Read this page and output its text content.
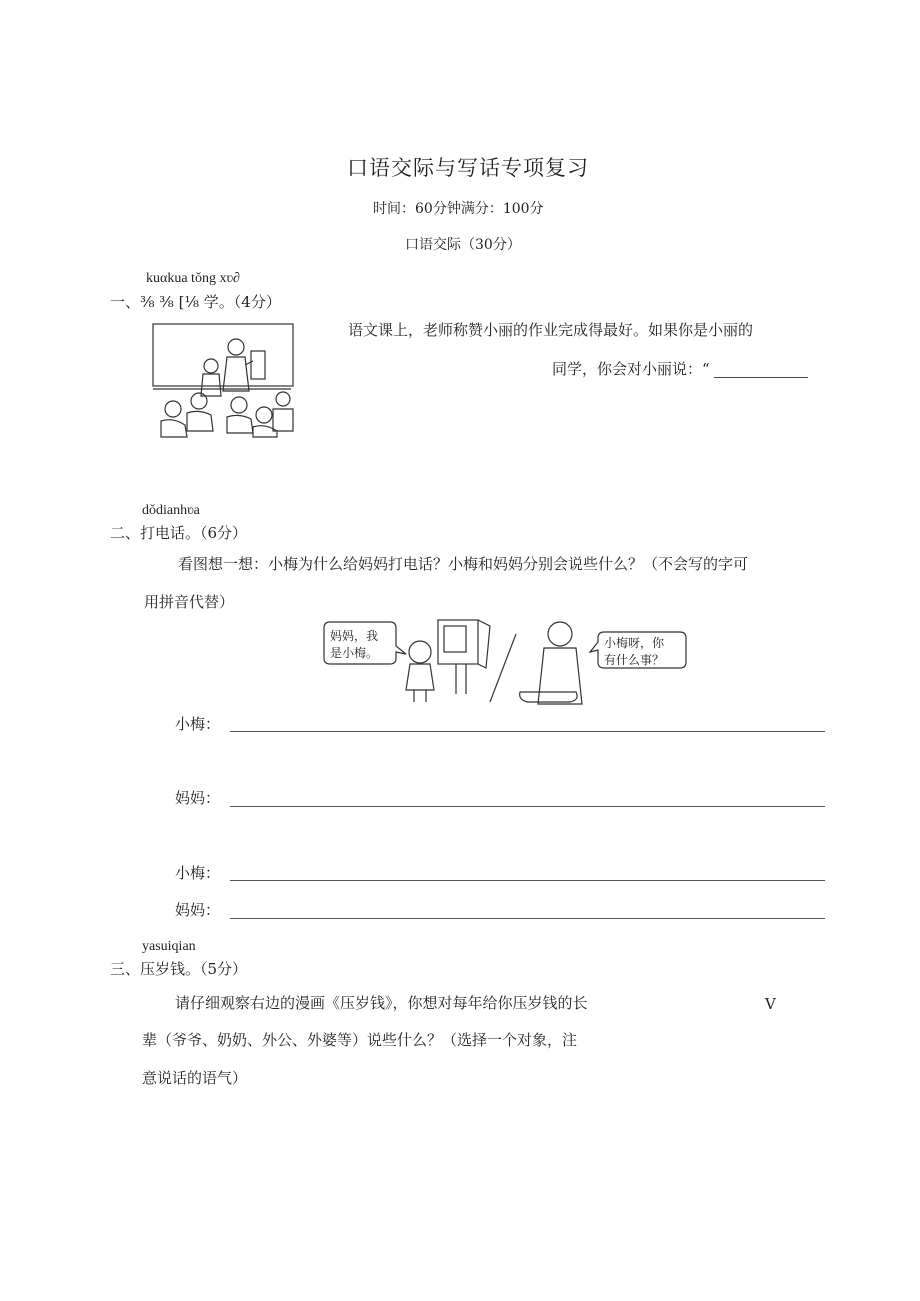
口语交际与写话专项复习
时间：60分钟满分：100分
口语交际（30分）
kuαkua tǒng xʋ∂
一、⅜ ⅜ [⅛ 学。（4分）
语文课上，老师称赞小丽的作业完成得最好。如果你是小丽的
同学，你会对小丽说：“
dǒdianhʋa
二、打电话。（6分）
看图想一想：小梅为什么给妈妈打电话？小梅和妈妈分别会说些什么？（不会写的字可
用拼音代替）
妈妈，我
是小梅。
小梅呀，你
有什么事？
小梅：
妈妈：
小梅：
妈妈：
yasuiqian
三、压岁钱。（5分）
请仔细观察右边的漫画《压岁钱》，你想对每年给你压岁钱的长	V
辈（爷爷、奶奶、外公、外婆等）说些什么？（选择一个对象，注
意说话的语气）
